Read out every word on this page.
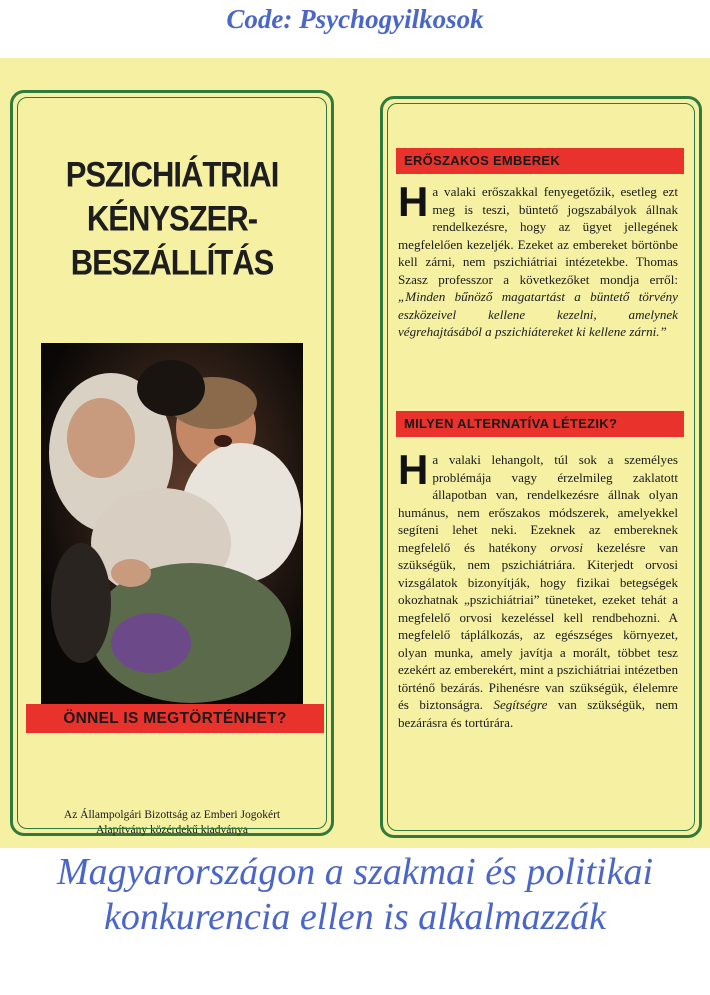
Code: Psychogyilkosok
PSZICHIÁTRIAI
KÉNYSZER-
BESZÁLLÍTÁS
ÖNNEL IS MEGTÖRTÉNHET?
Az Állampolgári Bizottság az Emberi Jogokért
Alapítvány közérdekű kiadványa
ERŐSZAKOS EMBEREK
Ha valaki erőszakkal fenyegetőzik, esetleg ezt meg is teszi, büntető jogszabályok állnak rendelkezésre, hogy az ügyet jellegének megfelelően kezeljék. Ezeket az embereket börtönbe kell zárni, nem pszichiátriai intézetekbe. Thomas Szasz professzor a következőket mondja erről: „Minden bűnöző magatartást a büntető törvény eszközeivel kellene kezelni, amelynek végrehajtásából a pszichiátereket ki kellene zárni.”
MILYEN ALTERNATÍVA LÉTEZIK?
Ha valaki lehangolt, túl sok a személyes problémája vagy érzelmileg zaklatott állapotban van, rendelkezésre állnak olyan humánus, nem erőszakos módszerek, amelyekkel segíteni lehet neki. Ezeknek az embereknek megfelelő és hatékony orvosi kezelésre van szükségük, nem pszichiátriára. Kiterjedt orvosi vizsgálatok bizonyítják, hogy fizikai betegségek okozhatnak „pszichiátriai” tüneteket, ezeket tehát a megfelelő orvosi kezeléssel kell rendbehozni. A megfelelő táplálkozás, az egészséges környezet, olyan munka, amely javítja a morált, többet tesz ezekért az emberekért, mint a pszichiátriai intézetben történő bezárás. Pihenésre van szükségük, élelemre és biztonságra. Segítségre van szükségük, nem bezárásra és tortúrára.
Magyarországon a szakmai és politikai konkurencia ellen is alkalmazzák
